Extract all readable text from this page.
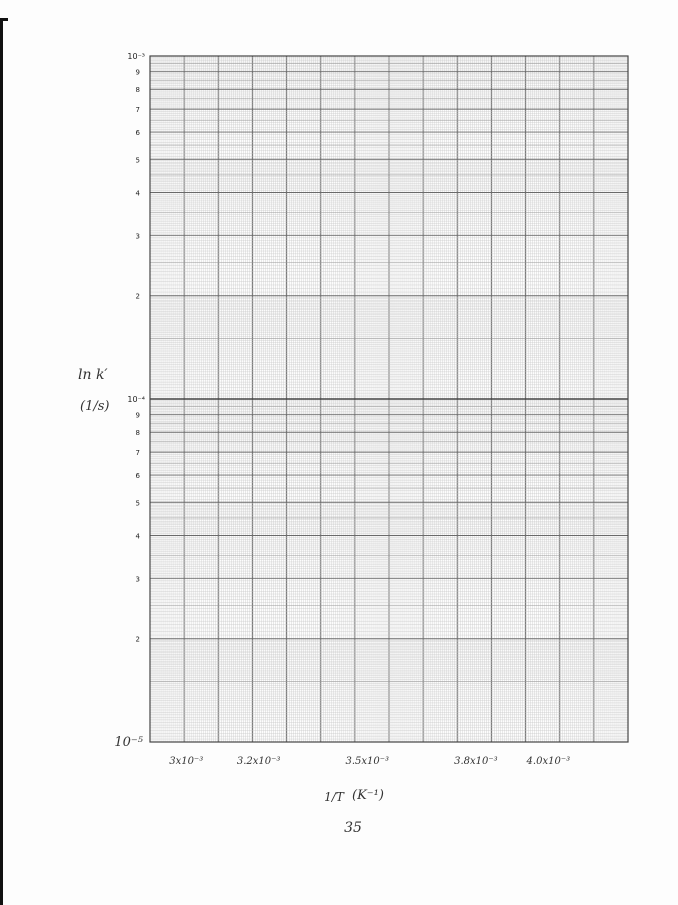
10⁻³
10⁻⁴
10⁻⁵
9
8
7
6
5
4
3
2
9
8
7
6
5
4
3
2
3x10⁻³	3.2x10⁻³	3.5x10⁻³	3.8x10⁻³	4.0x10⁻³
ln k′
(1/s)
1/T (K⁻¹)
35
